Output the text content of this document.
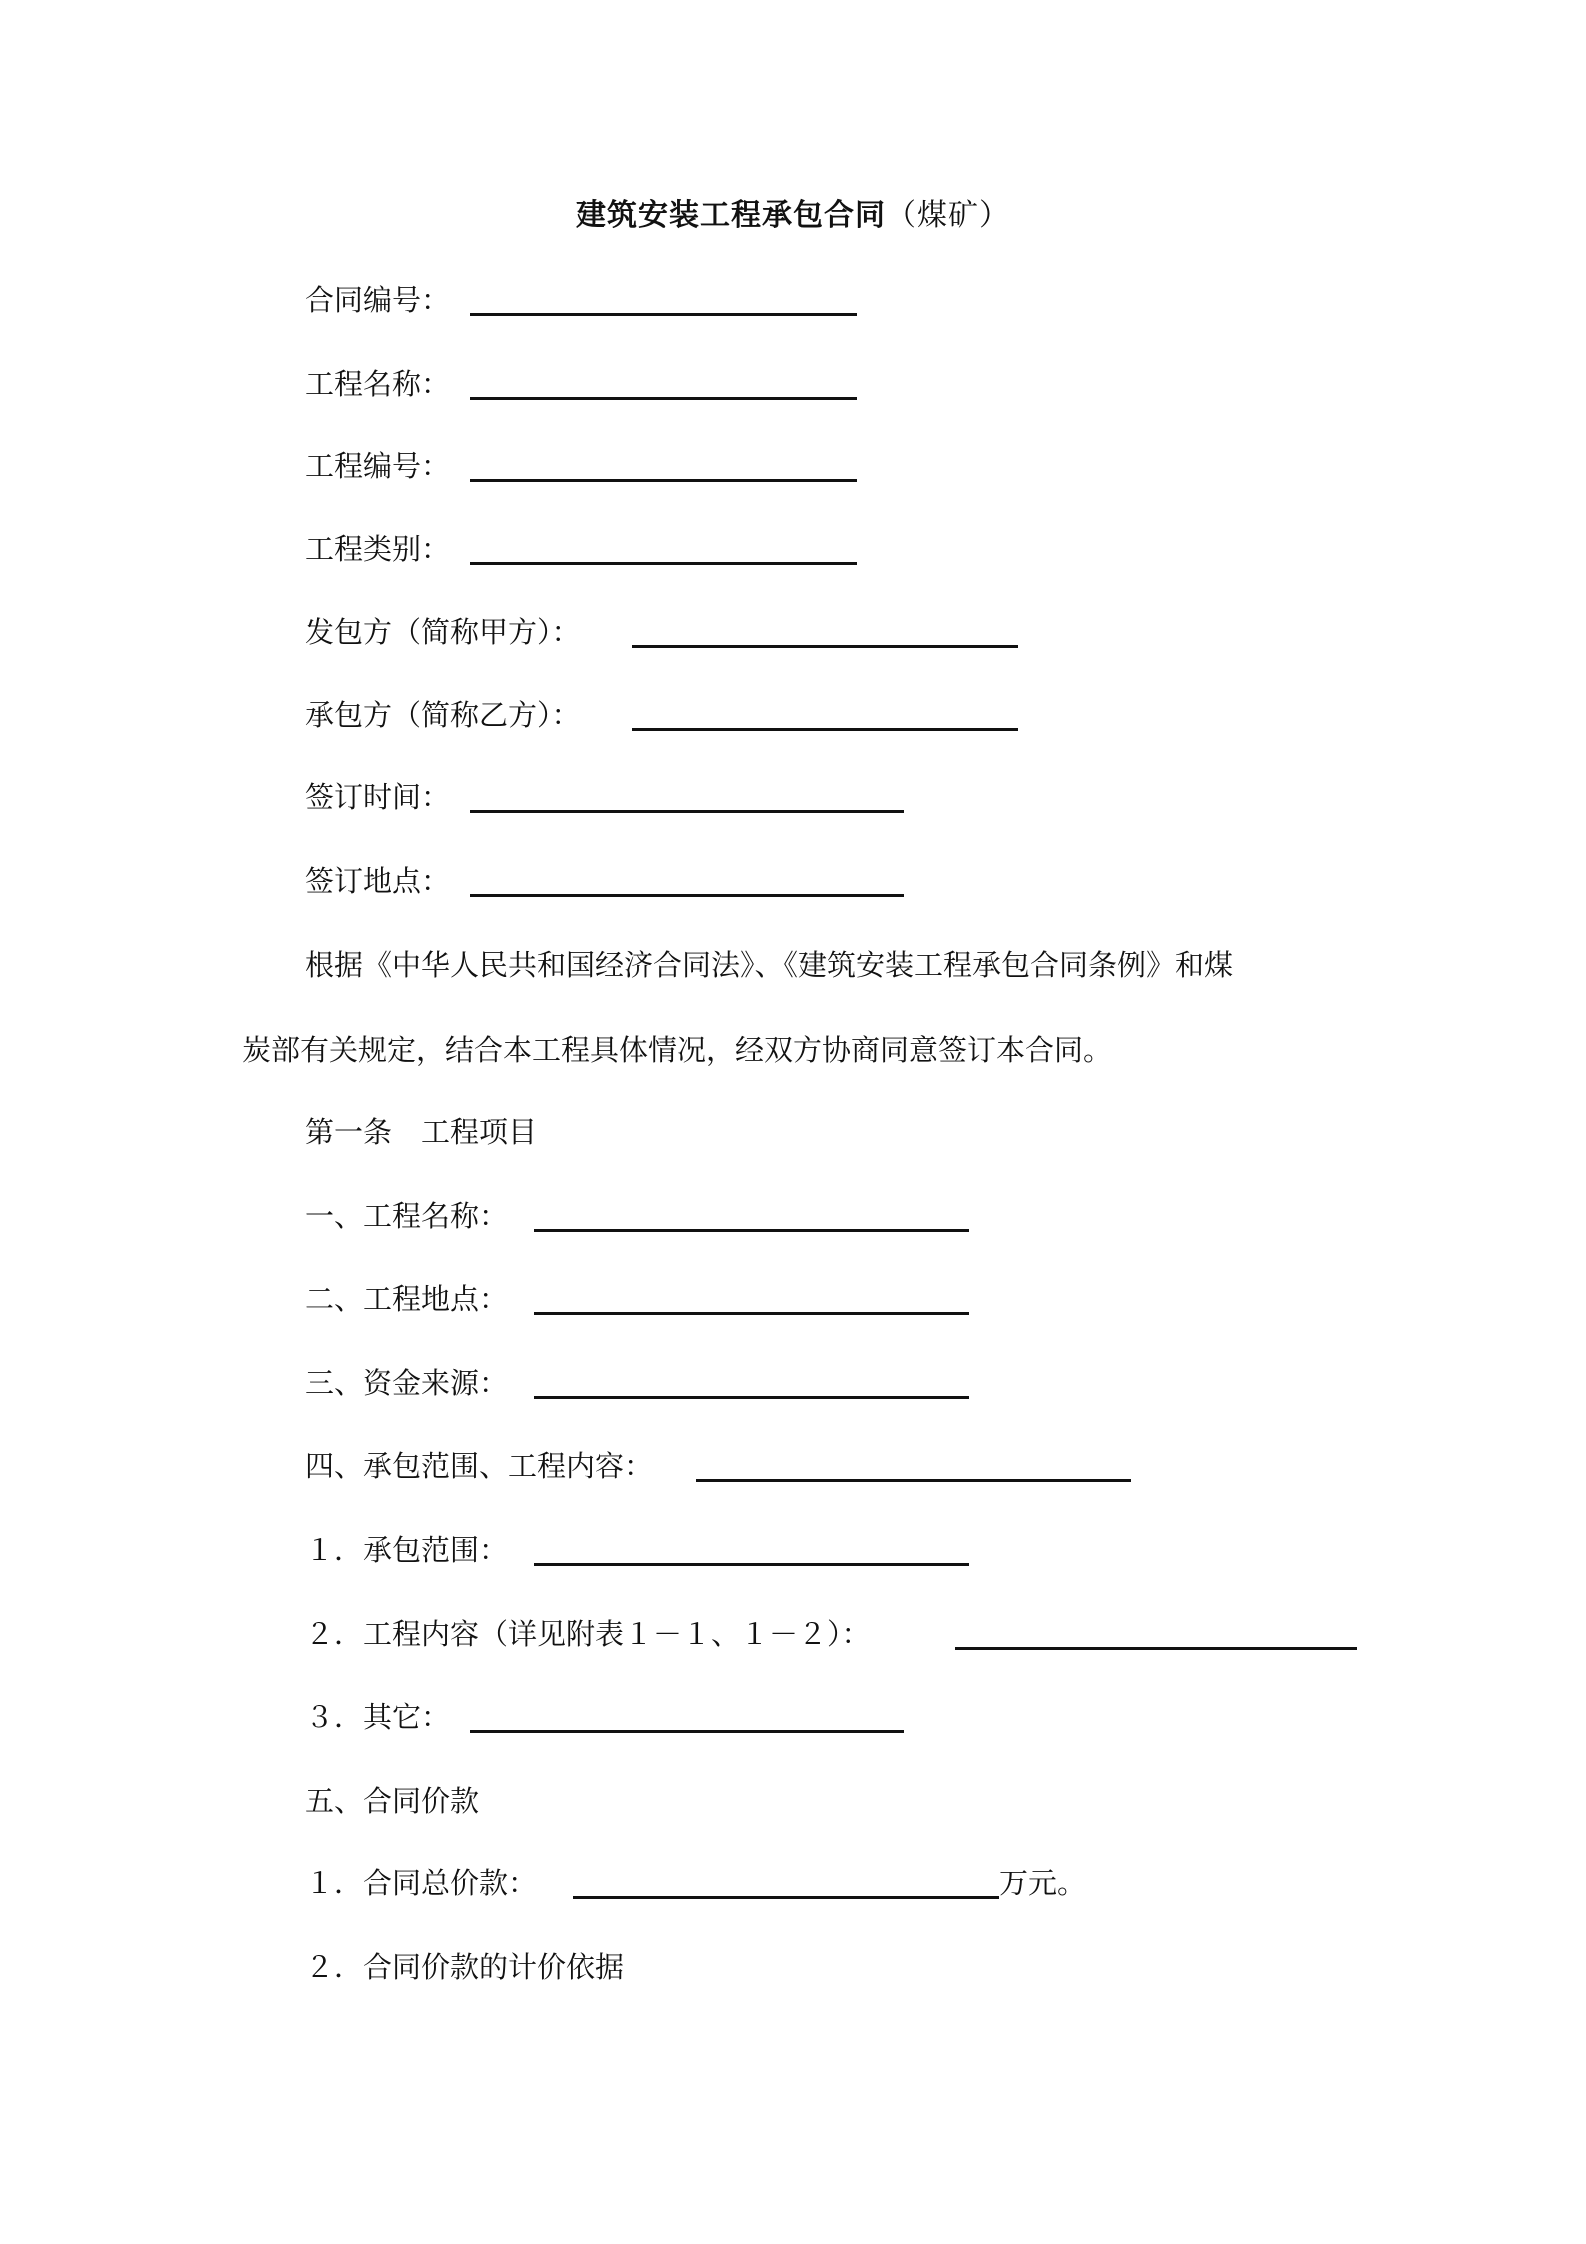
建筑安装工程承包合同（煤矿）
合同编号：
工程名称：
工程编号：
工程类别：
发包方（简称甲方）：
承包方（简称乙方）：
签订时间：
签订地点：
根据《中华人民共和国经济合同法》、《建筑安装工程承包合同条例》和煤
炭部有关规定，结合本工程具体情况，经双方协商同意签订本合同。
第一条　工程项目
一、工程名称：
二、工程地点：
三、资金来源：
四、承包范围、工程内容：
１．承包范围：
２．工程内容（详见附表１－１、１－２）：
３．其它：
五、合同价款
１．合同总价款：	万元。
２．合同价款的计价依据
